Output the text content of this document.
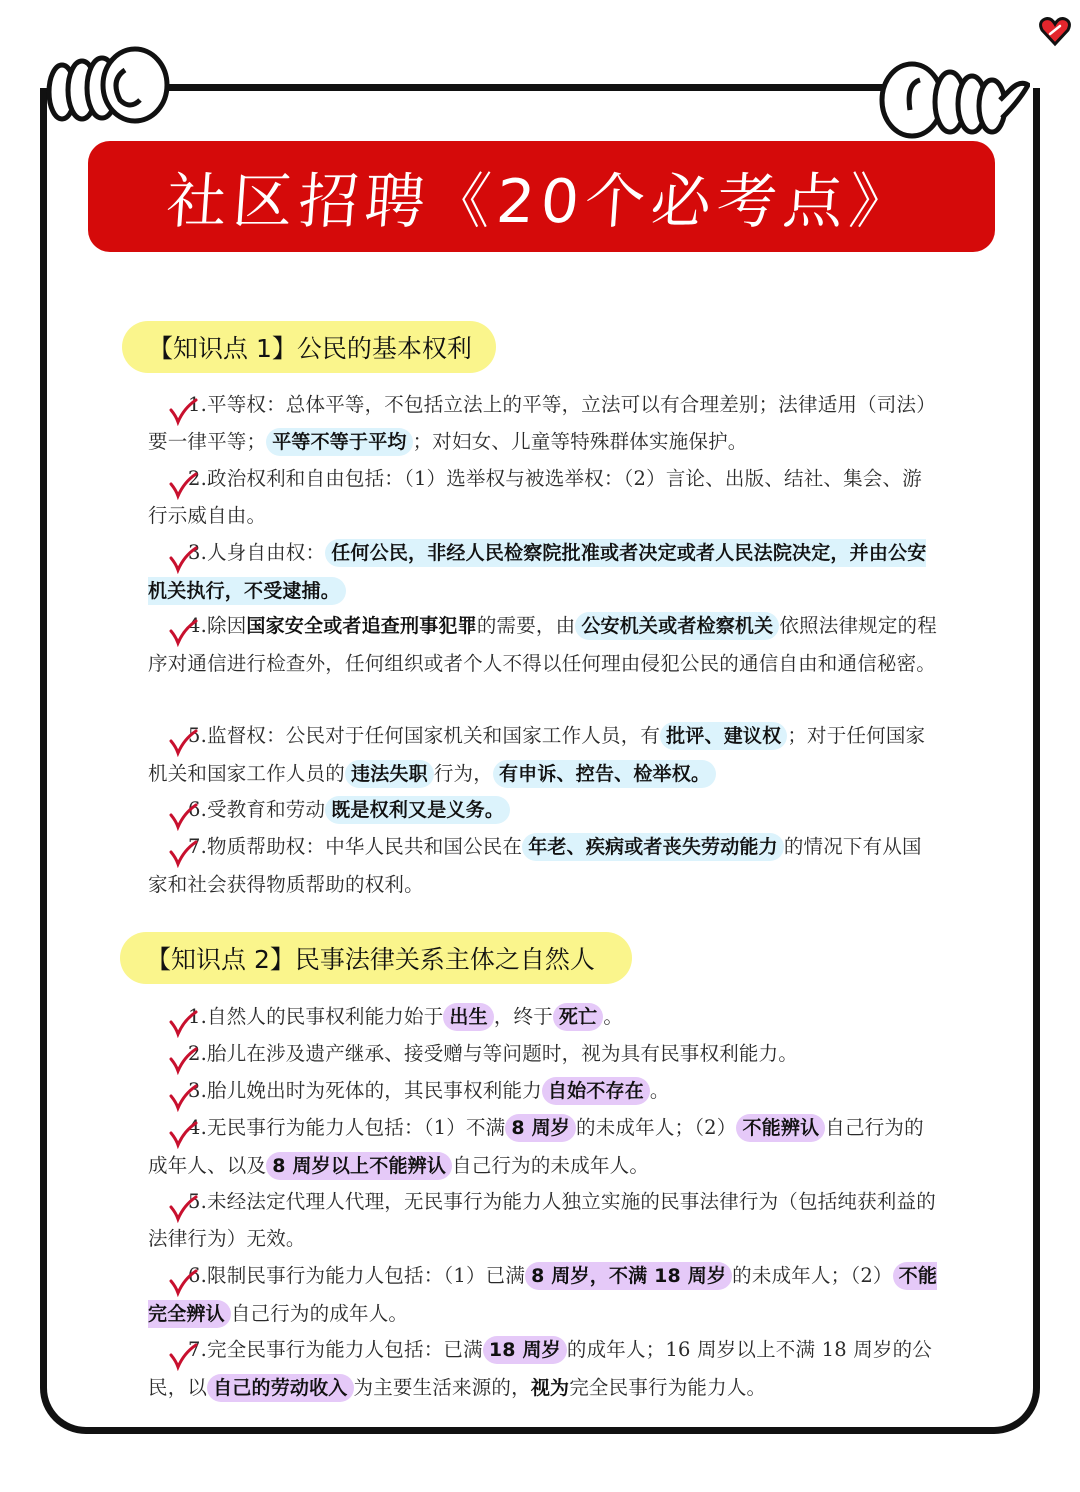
社区招聘《20个必考点》
【知识点 1】公民的基本权利
1.平等权：总体平等，不包括立法上的平等，立法可以有合理差别；法律适用（司法）要一律平等； 平等不等于平均 ；对妇女、儿童等特殊群体实施保护。
2.政治权利和自由包括：（1）选举权与被选举权：（2）言论、出版、结社、集会、游行示威自由。
3.人身自由权： 任何公民，非经人民检察院批准或者决定或者人民法院决定，并由公安机关执行，不受逮捕。
4.除因国家安全或者追查刑事犯罪的需要，由 公安机关或者检察机关 依照法律规定的程序对通信进行检查外，任何组织或者个人不得以任何理由侵犯公民的通信自由和通信秘密。
5.监督权：公民对于任何国家机关和国家工作人员，有 批评、建议权 ；对于任何国家机关和国家工作人员的 违法失职 行为， 有申诉、控告、检举权。
6.受教育和劳动 既是权利又是义务。
7.物质帮助权：中华人民共和国公民在 年老、疾病或者丧失劳动能力 的情况下有从国家和社会获得物质帮助的权利。
【知识点 2】民事法律关系主体之自然人
1.自然人的民事权利能力始于 出生 ，终于 死亡 。
2.胎儿在涉及遗产继承、接受赠与等问题时，视为具有民事权利能力。
3.胎儿娩出时为死体的，其民事权利能力 自始不存在 。
4.无民事行为能力人包括：（1）不满 8 周岁 的未成年人；（2） 不能辨认 自己行为的成年人、以及 8 周岁以上不能辨认 自己行为的未成年人。
5.未经法定代理人代理，无民事行为能力人独立实施的民事法律行为（包括纯获利益的法律行为）无效。
6.限制民事行为能力人包括：（1）已满 8 周岁，不满 18 周岁 的未成年人；（2） 不能完全辨认 自己行为的成年人。
7.完全民事行为能力人包括：已满 18 周岁 的成年人；16 周岁以上不满 18 周岁的公民，以 自己的劳动收入 为主要生活来源的，视为完全民事行为能力人。
